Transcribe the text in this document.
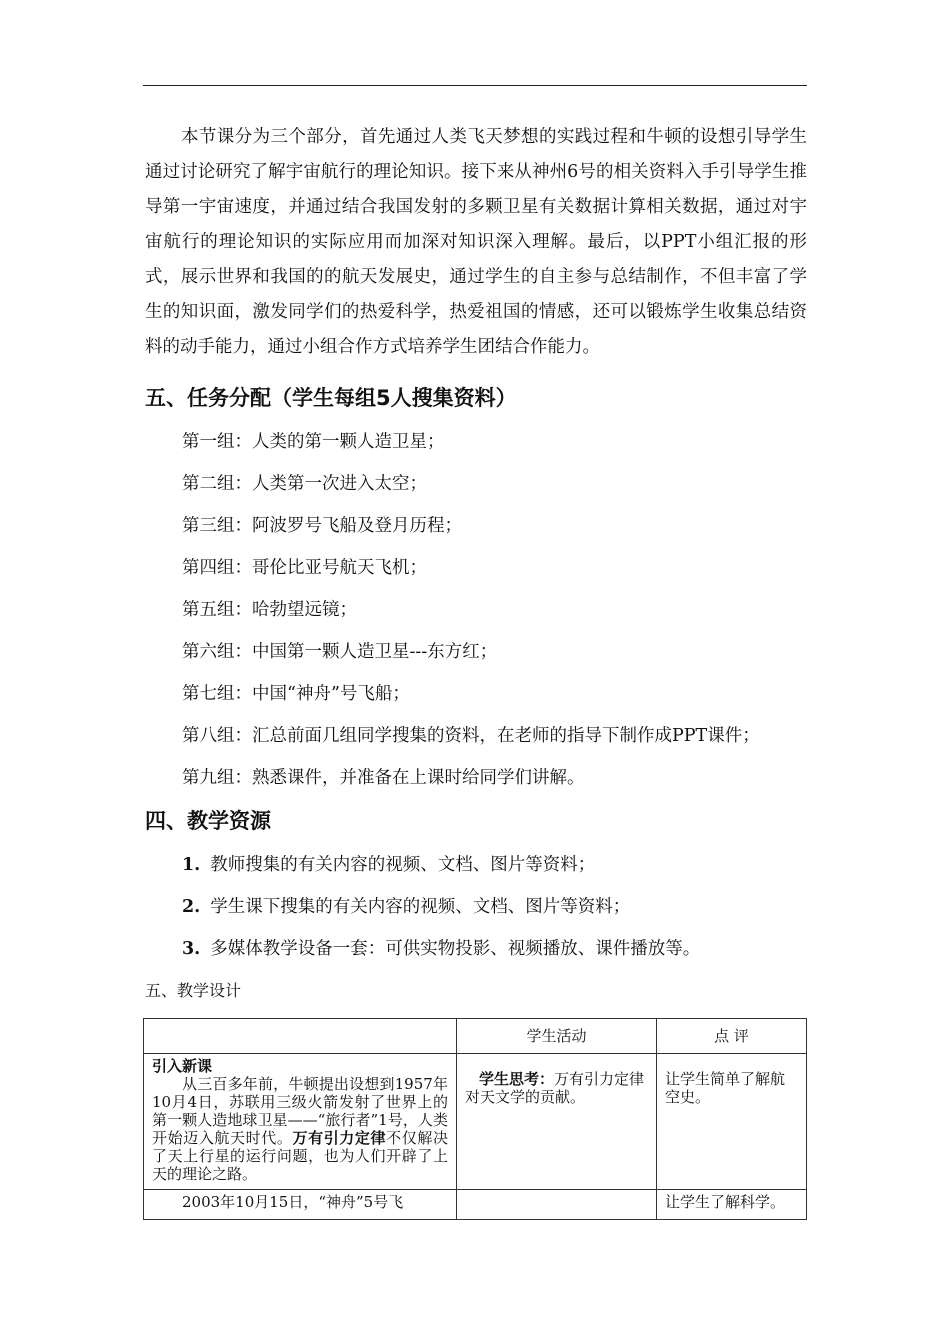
本节课分为三个部分，首先通过人类飞天梦想的实践过程和牛顿的设想引导学生通过讨论研究了解宇宙航行的理论知识。接下来从神州6号的相关资料入手引导学生推导第一宇宙速度，并通过结合我国发射的多颗卫星有关数据计算相关数据，通过对宇宙航行的理论知识的实际应用而加深对知识深入理解。最后，以PPT小组汇报的形式，展示世界和我国的的航天发展史，通过学生的自主参与总结制作，不但丰富了学生的知识面，激发同学们的热爱科学，热爱祖国的情感，还可以锻炼学生收集总结资料的动手能力，通过小组合作方式培养学生团结合作能力。

五、任务分配（学生每组5人搜集资料）

第一组：人类的第一颗人造卫星；

第二组：人类第一次进入太空；

第三组：阿波罗号飞船及登月历程；

第四组：哥伦比亚号航天飞机；

第五组：哈勃望远镜；

第六组：中国第一颗人造卫星---东方红；

第七组：中国“神舟”号飞船；

第八组：汇总前面几组同学搜集的资料，在老师的指导下制作成PPT课件；

第九组：熟悉课件，并准备在上课时给同学们讲解。

四、教学资源

1. 教师搜集的有关内容的视频、文档、图片等资料；

2. 学生课下搜集的有关内容的视频、文档、图片等资料；

3. 多媒体教学设备一套：可供实物投影、视频播放、课件播放等。

五、教学设计

	学生活动	点 评

引入新课
从三百多年前，牛顿提出设想到1957年10月4日，苏联用三级火箭发射了世界上的第一颗人造地球卫星——“旅行者”1号，人类开始迈入航天时代。万有引力定律不仅解决了天上行星的运行问题，也为人们开辟了上天的理论之路。	学生思考：万有引力定律对天文学的贡献。	让学生简单了解航空史。

2003年10月15日，“神舟”5号飞		让学生了解科学。
